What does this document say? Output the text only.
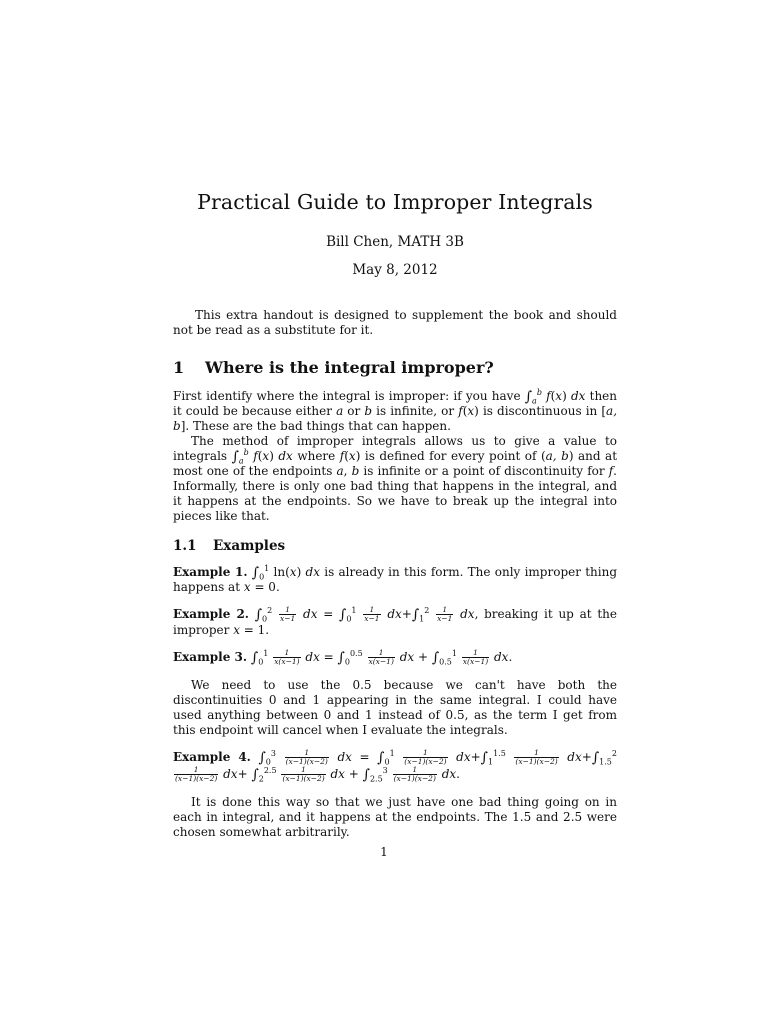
Practical Guide to Improper Integrals
Bill Chen, MATH 3B
May 8, 2012

This extra handout is designed to supplement the book and should not be read as a substitute for it.

1 Where is the integral improper?

First identify where the integral is improper: if you have $\int_a^b$ f(x) dx then it could be because either a or b is infinite, or f(x) is discontinuous in [a, b]. These are the bad things that can happen.

The method of improper integrals allows us to give a value to integrals $\int_a^b$ f(x) dx where f(x) is defined for every point of (a, b) and at most one of the endpoints a, b is infinite or a point of discontinuity for f. Informally, there is only one bad thing that happens in the integral, and it happens at the endpoints. So we have to break up the integral into pieces like that.

1.1 Examples

Example 1. $\int_0^1$ ln(x) dx is already in this form. The only improper thing happens at x = 0.

Example 2. $\int_0^2 \frac{1}{x-1}$ dx = $\int_0^1 \frac{1}{x-1} dx+\int_1^2 \frac{1}{x-1}$ dx, breaking it up at the improper x = 1.

Example 3. $\int_0^1 \frac{1}{x(x-1)}$ dx = $\int_0^{0.5} \frac{1}{x(x-1)}$ dx + $\int_{0.5}^1 \frac{1}{x(x-1)}$ dx.

We need to use the 0.5 because we can't have both the discontinuities 0 and 1 appearing in the same integral. I could have used anything between 0 and 1 instead of 0.5, as the term I get from this endpoint will cancel when I evaluate the integrals.

Example 4. $\int_0^3 \frac{1}{(x-1)(x-2)}$ dx = $\int_0^1 \frac{1}{(x-1)(x-2)} dx+\int_1^{1.5} \frac{1}{(x-1)(x-2)} dx+\int_{1.5}^2$
$\frac{1}{(x-1)(x-2)} dx+ \int_2^{2.5} \frac{1}{(x-1)(x-2)}$ dx + $\int_{2.5}^3 \frac{1}{(x-1)(x-2)}$ dx.

It is done this way so that we just have one bad thing going on in each in integral, and it happens at the endpoints. The 1.5 and 2.5 were chosen somewhat arbitrarily.

1
